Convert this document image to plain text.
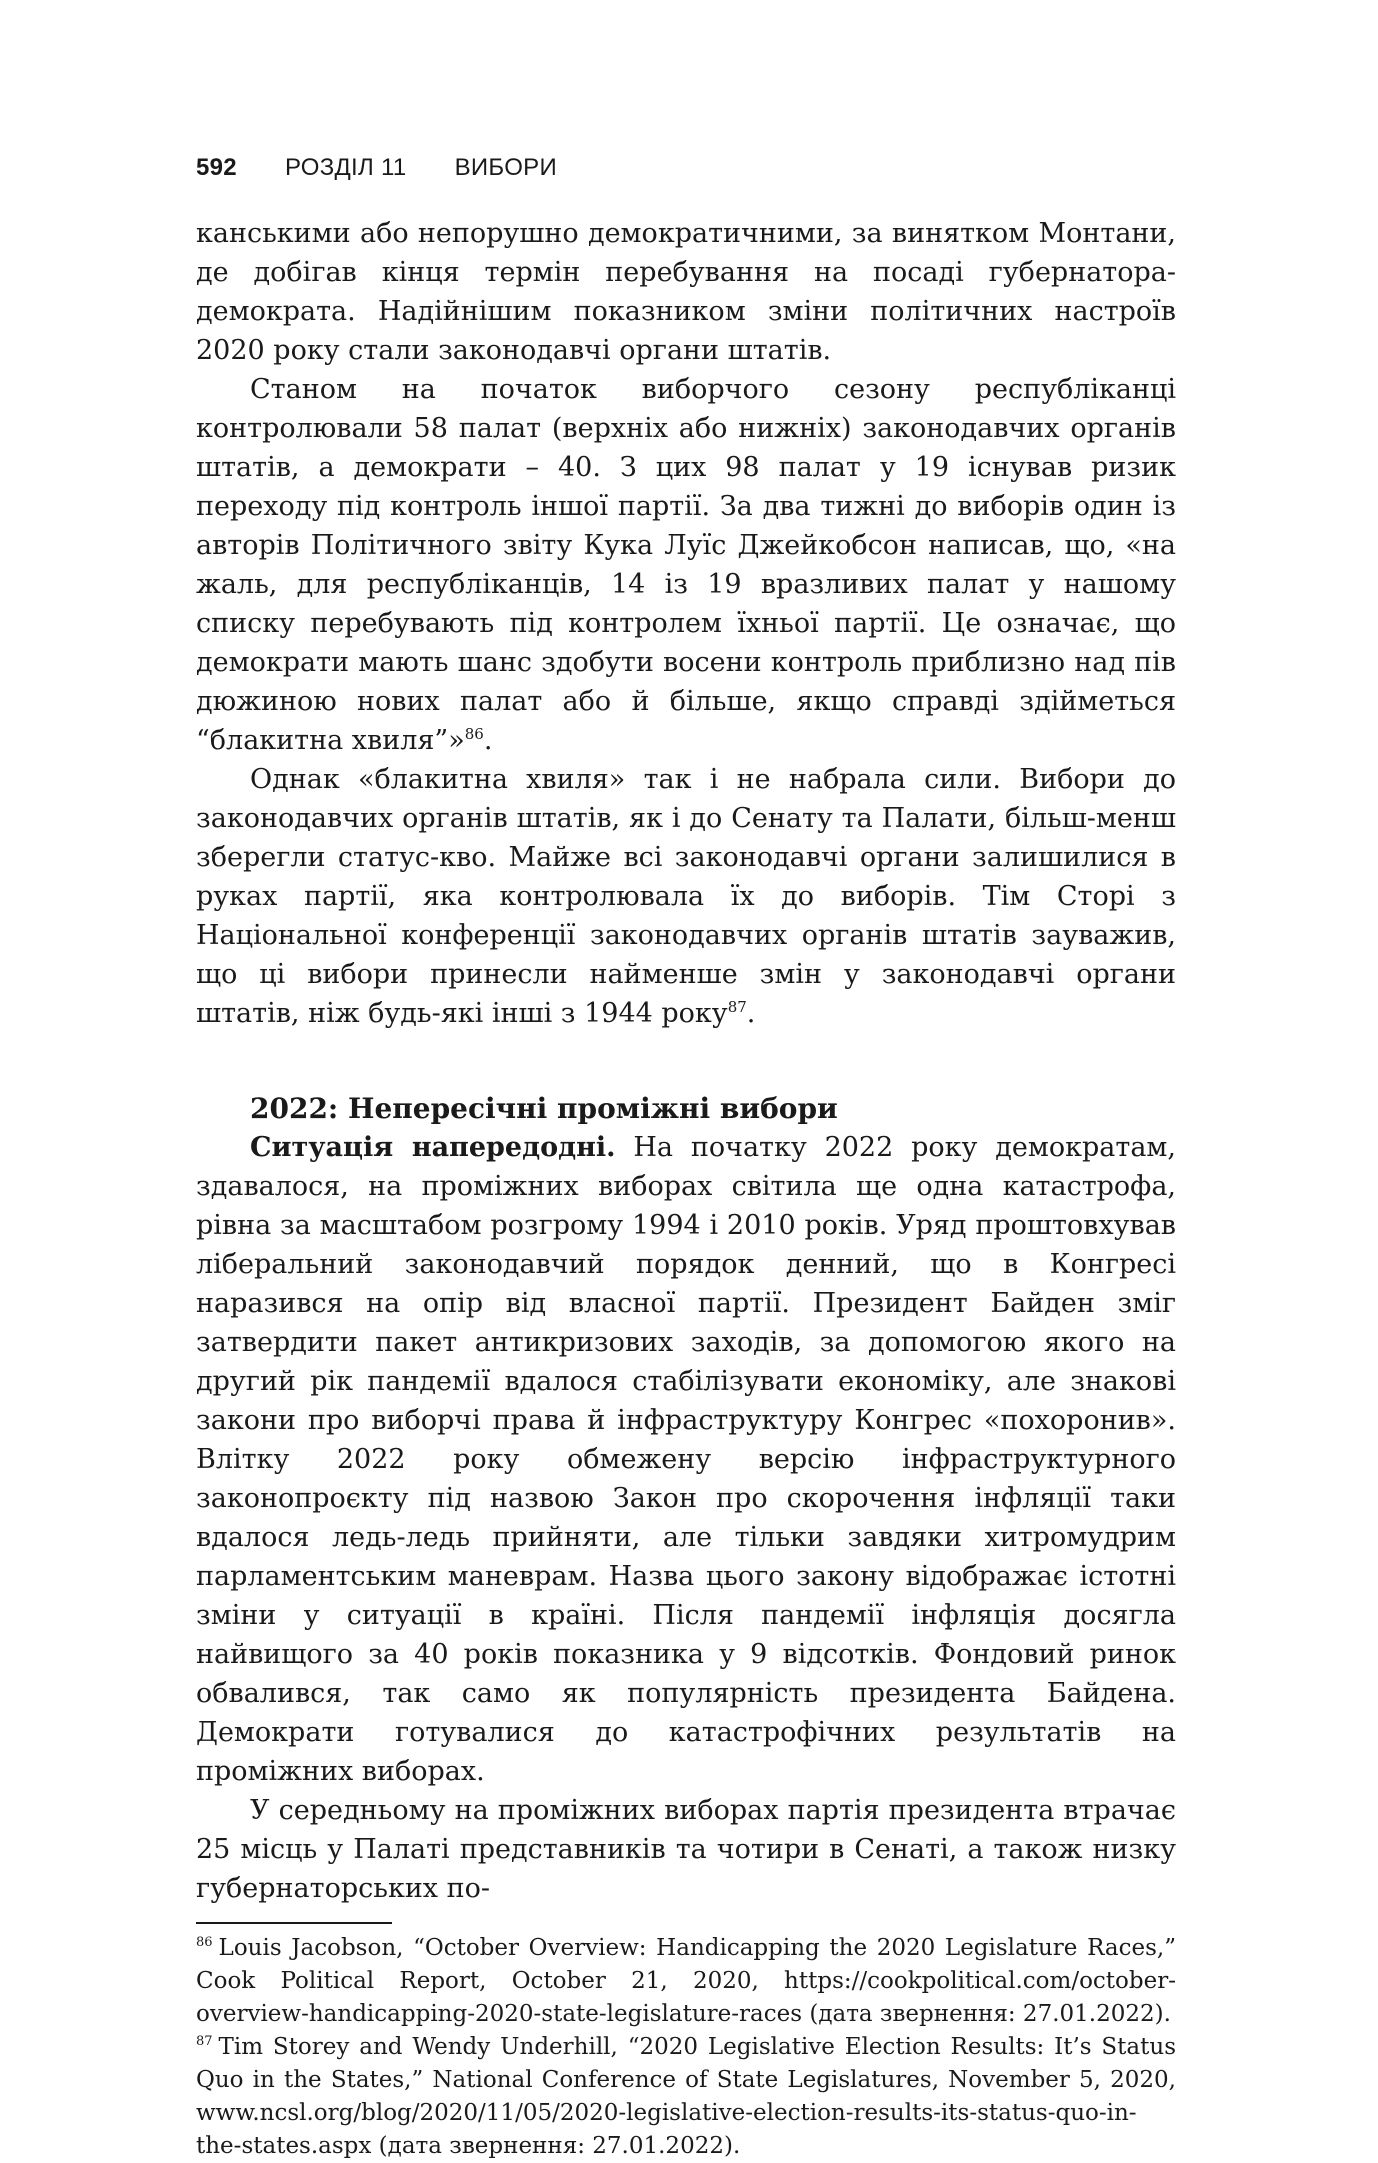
592 РОЗДІЛ 11 ВИБОРИ

канськими або непорушно демократичними, за винятком Монтани, де добігав кінця термін перебування на посаді губернатора-демократа. Надійнішим показником зміни політичних настроїв 2020 року стали законодавчі органи штатів.

Станом на початок виборчого сезону республіканці контролювали 58 палат (верхніх або нижніх) законодавчих органів штатів, а демократи – 40. З цих 98 палат у 19 існував ризик переходу під контроль іншої партії. За два тижні до виборів один із авторів Політичного звіту Кука Луїс Джейкобсон написав, що, «на жаль, для республіканців, 14 із 19 вразливих палат у нашому списку перебувають під контролем їхньої партії. Це означає, що демократи мають шанс здобути восени контроль приблизно над пів дюжиною нових палат або й більше, якщо справді здійметься “блакитна хвиля”»$^{86}$.

Однак «блакитна хвиля» так і не набрала сили. Вибори до законодавчих органів штатів, як і до Сенату та Палати, більш-менш зберегли статус-кво. Майже всі законодавчі органи залишилися в руках партії, яка контролювала їх до виборів. Тім Сторі з Національної конференції законодавчих органів штатів зауважив, що ці вибори принесли найменше змін у законодавчі органи штатів, ніж будь-які інші з 1944 року$^{87}$.

2022: Непересічні проміжні вибори

Ситуація напередодні. На початку 2022 року демократам, здавалося, на проміжних виборах світила ще одна катастрофа, рівна за масштабом розгрому 1994 і 2010 років. Уряд проштовхував ліберальний законодавчий порядок денний, що в Конгресі наразився на опір від власної партії. Президент Байден зміг затвердити пакет антикризових заходів, за допомогою якого на другий рік пандемії вдалося стабілізувати економіку, але знакові закони про виборчі права й інфраструктуру Конгрес «похоронив». Влітку 2022 року обмежену версію інфраструктурного законопроєкту під назвою Закон про скорочення інфляції таки вдалося ледь-ледь прийняти, але тільки завдяки хитромудрим парламентським маневрам. Назва цього закону відображає істотні зміни у ситуації в країні. Після пандемії інфляція досягла найвищого за 40 років показника у 9 відсотків. Фондовий ринок обвалився, так само як популярність президента Байдена. Демократи готувалися до катастрофічних результатів на проміжних виборах.

У середньому на проміжних виборах партія президента втрачає 25 місць у Палаті представників та чотири в Сенаті, а також низку губернаторських по-

$^{86}$ Louis Jacobson, “October Overview: Handicapping the 2020 Legislature Races,” Cook Political Report, October 21, 2020, https://cookpolitical.com/october-overview-handicapping-2020-state-legislature-races (дата звернення: 27.01.2022).

$^{87}$ Tim Storey and Wendy Underhill, “2020 Legislative Election Results: It’s Status Quo in the States,” National Conference of State Legislatures, November 5, 2020, www.ncsl.org/blog/2020/11/05/2020-legislative-election-results-its-status-quo-in-the-states.aspx (дата звернення: 27.01.2022).
